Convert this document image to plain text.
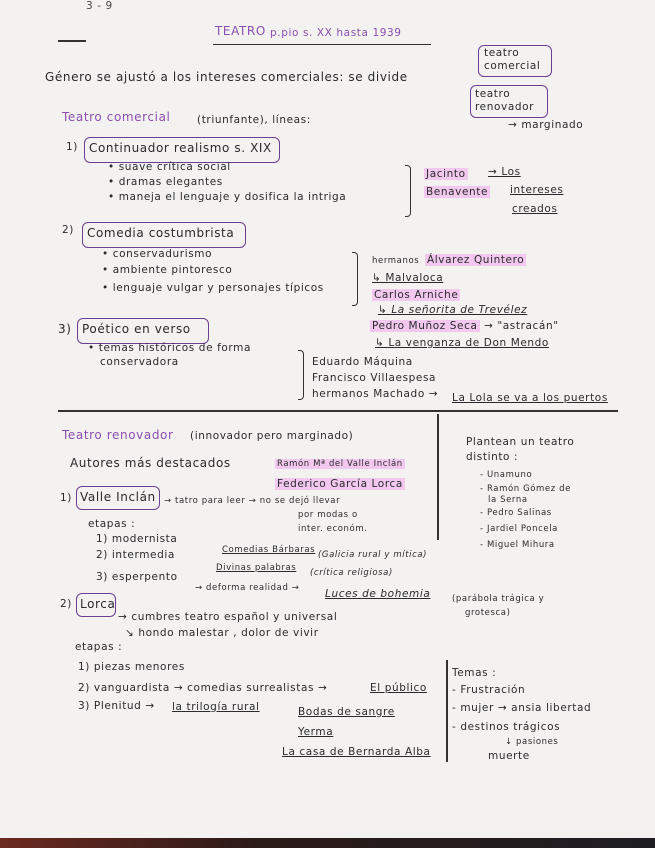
3 - 9
TEATRO p.pio s. XX hasta 1939
Género se ajustó a los intereses comerciales: se divide
teatro comercial
teatro renovador
→ marginado
Teatro comercial	(triunfante), líneas:
1) Continuador realismo s. XIX
• suave crítica social
• dramas elegantes
• maneja el lenguaje y dosifica la intriga
Jacinto
Benavente
→ Los
intereses
creados
2) Comedia costumbrista
• conservadurismo
• ambiente pintoresco
• lenguaje vulgar y personajes típicos
hermanos Álvarez Quintero
↳ Malvaloca
Carlos Arniche
↳ La señorita de Trevélez
Pedro Muñoz Seca → "astracán"
↳ La venganza de Don Mendo
3) Poético en verso
• temas históricos de forma
conservadora	Eduardo Máquina
Francisco Villaespesa
hermanos Machado → La Lola se va a los puertos
Teatro renovador (innovador pero marginado)
Autores más destacados	Ramón Mª del Valle Inclán
Federico García Lorca
Plantean un teatro
distinto :
- Unamuno
- Ramón Gómez de
la Serna
- Pedro Salinas
- Jardiel Poncela
- Miguel Mihura
1) Valle Inclán → tatro para leer → no se dejó llevar
por modas o
inter. económ.
etapas :
1) modernista
2) intermedia
3) esperpento
Comedias Bárbaras (Galicia rural y mítica)
Divinas palabras (crítica religiosa)
→ deforma realidad → Luces de bohemia	(parábola trágica y
grotesca)
2) Lorca
→ cumbres teatro español y universal
↘ hondo malestar , dolor de vivir
etapas :
1) piezas menores
2) vanguardista → comedias surrealistas →	El público
3) Plenitud → la trilogía rural	Bodas de sangre
Yerma
La casa de Bernarda Alba
Temas :
- Frustración
- mujer → ansia libertad
- destinos trágicos
↓ pasiones
muerte
